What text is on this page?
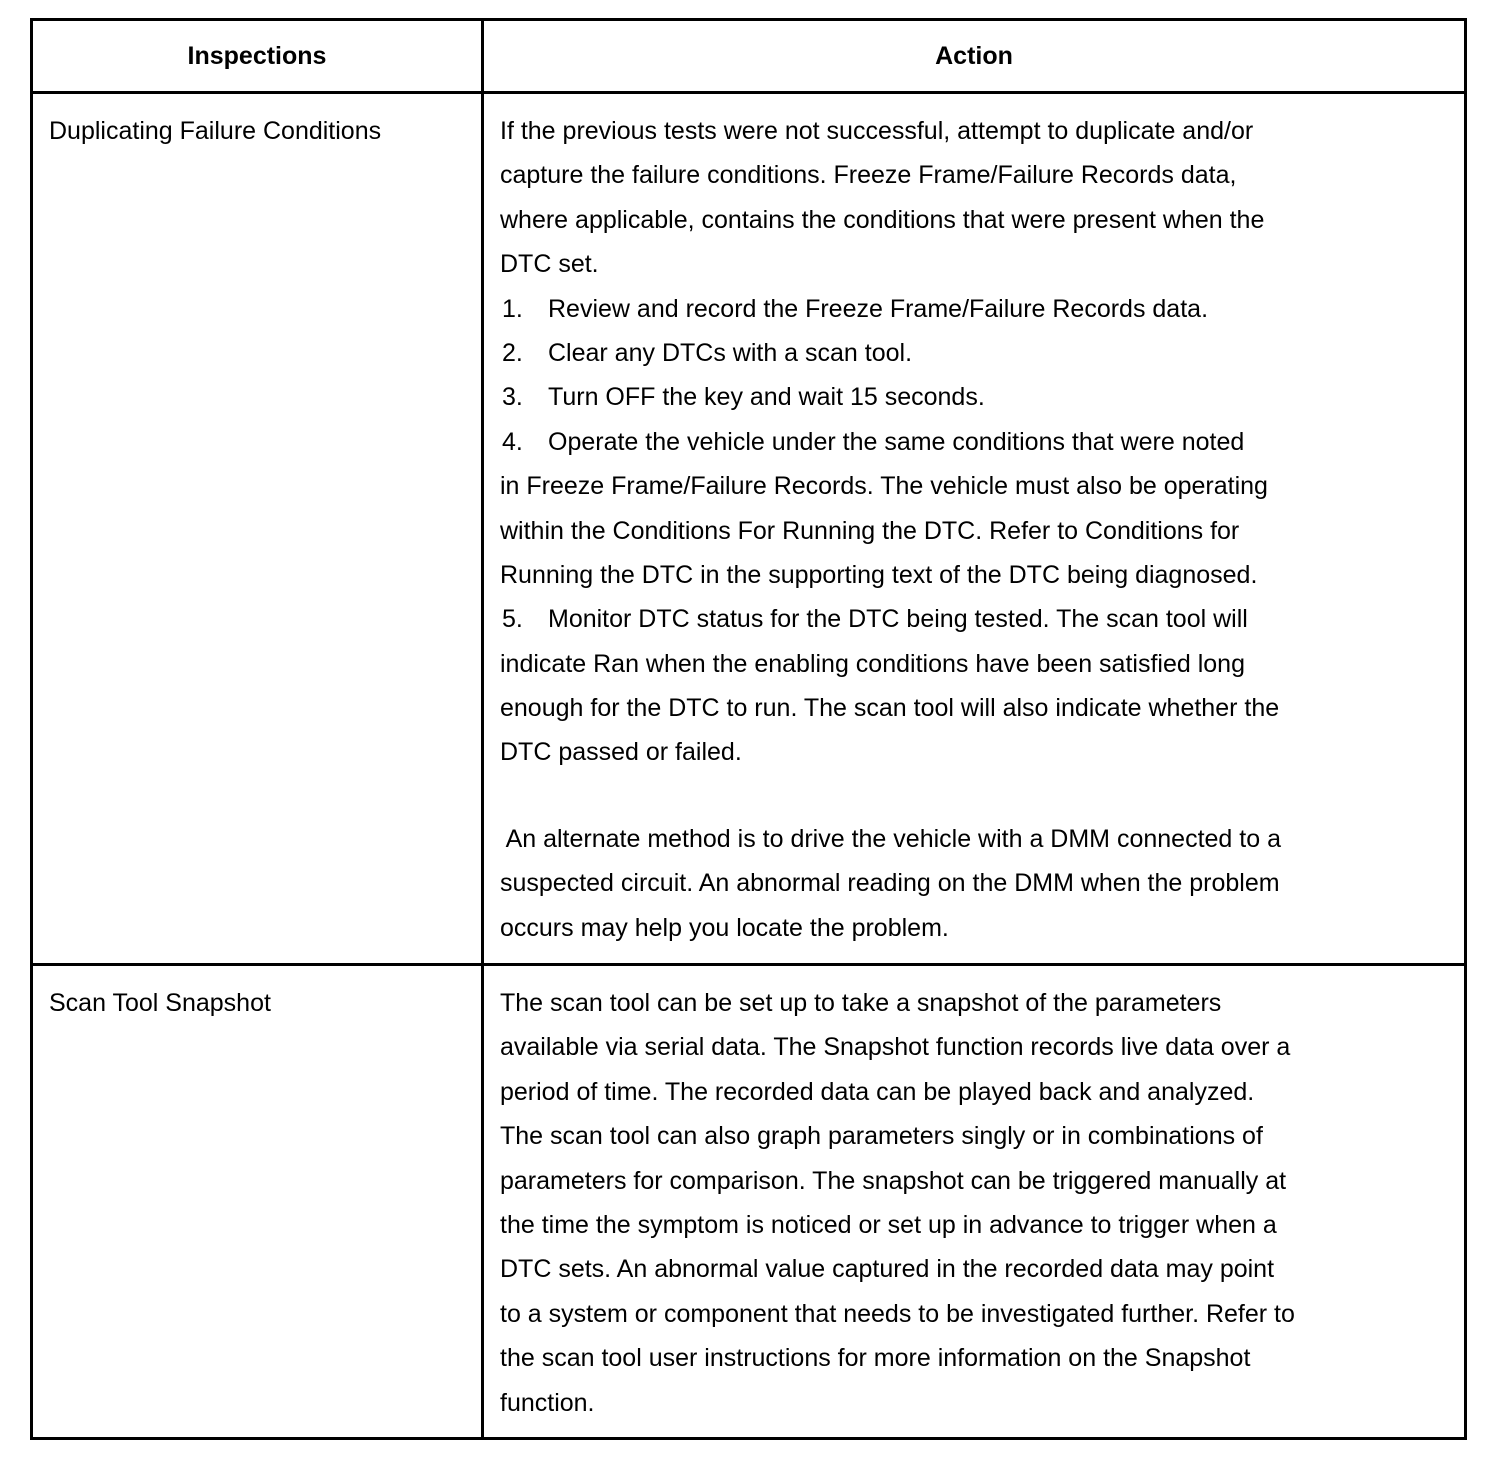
Inspections	Action
Duplicating Failure Conditions	If the previous tests were not successful, attempt to duplicate and/or
capture the failure conditions. Freeze Frame/Failure Records data,
where applicable, contains the conditions that were present when the
DTC set.
1. Review and record the Freeze Frame/Failure Records data.
2. Clear any DTCs with a scan tool.
3. Turn OFF the key and wait 15 seconds.
4. Operate the vehicle under the same conditions that were noted
in Freeze Frame/Failure Records. The vehicle must also be operating
within the Conditions For Running the DTC. Refer to Conditions for
Running the DTC in the supporting text of the DTC being diagnosed.
5. Monitor DTC status for the DTC being tested. The scan tool will
indicate Ran when the enabling conditions have been satisfied long
enough for the DTC to run. The scan tool will also indicate whether the
DTC passed or failed.
An alternate method is to drive the vehicle with a DMM connected to a
suspected circuit. An abnormal reading on the DMM when the problem
occurs may help you locate the problem.
Scan Tool Snapshot	The scan tool can be set up to take a snapshot of the parameters
available via serial data. The Snapshot function records live data over a
period of time. The recorded data can be played back and analyzed.
The scan tool can also graph parameters singly or in combinations of
parameters for comparison. The snapshot can be triggered manually at
the time the symptom is noticed or set up in advance to trigger when a
DTC sets. An abnormal value captured in the recorded data may point
to a system or component that needs to be investigated further. Refer to
the scan tool user instructions for more information on the Snapshot
function.
